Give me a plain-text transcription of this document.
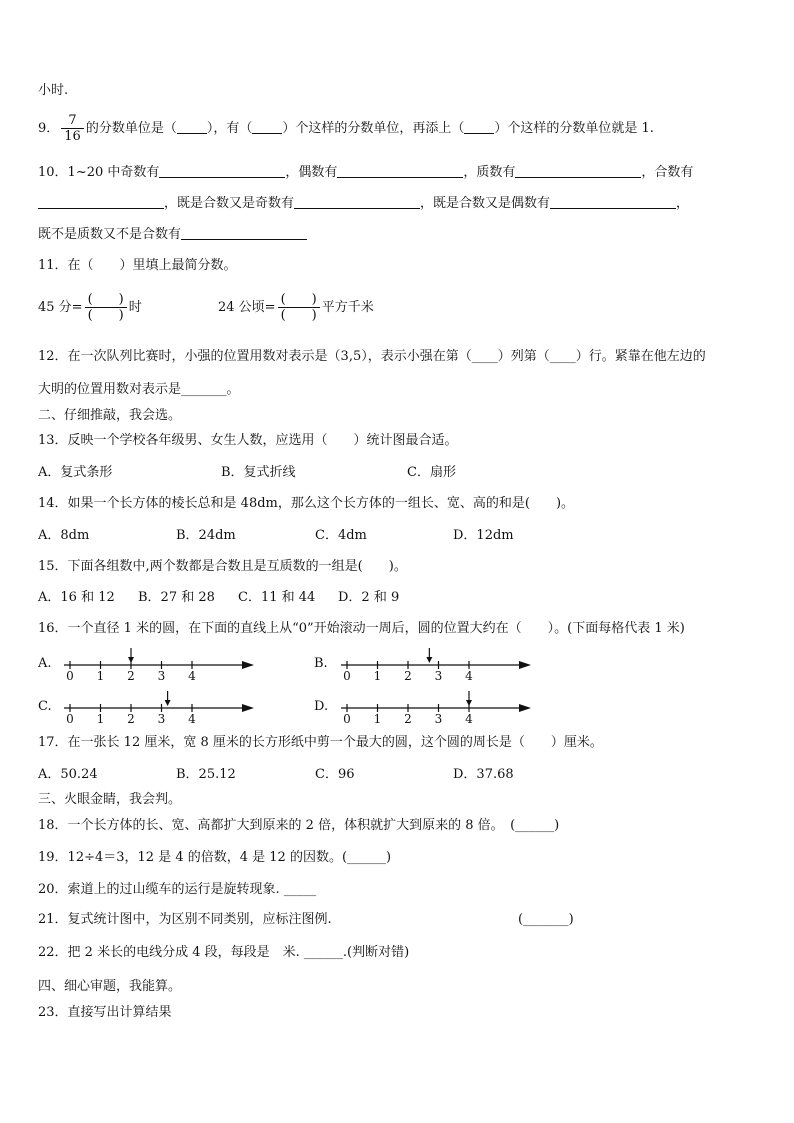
小时.
9． $\frac{7}{16}$ 的分数单位是（ ），有（ ）个这样的分数单位，再添上（ ）个这样的分数单位就是 1.
10．1~20 中奇数有	，偶数有	，质数有	，合数有
，既是合数又是奇数有	，既是合数又是偶数有	，
既不是质数又不是合数有
11．在（　　）里填上最简分数。
45 分= $\frac{( )}{( )}$ 时	24 公顷= $\frac{( )}{( )}$ 平方千米
12．在一次队列比赛时，小强的位置用数对表示是（3,5），表示小强在第（____）列第（____）行。紧靠在他左边的
大明的位置用数对表示是_______。
二、仔细推敲，我会选。
13．反映一个学校各年级男、女生人数，应选用（　　）统计图最合适。
A．复式条形	B．复式折线	C．扇形
14．如果一个长方体的棱长总和是 48dm，那么这个长方体的一组长、宽、高的和是(　　)。
A．8dm	B．24dm	C．4dm	D．12dm
15．下面各组数中,两个数都是合数且是互质数的一组是(　　)。
A．16 和 12 B．27 和 28 C．11 和 44 D．2 和 9
16．一个直径 1 米的圆，在下面的直线上从“0”开始滚动一周后，圆的位置大约在（　　）。(下面每格代表 1 米)
A.
0 1 2 3 4
B.
0 1 2 3 4
C.
0 1 2 3 4
D.
0 1 2 3 4
17．在一张长 12 厘米，宽 8 厘米的长方形纸中剪一个最大的圆，这个圆的周长是（　　）厘米。
A．50.24	B．25.12	C．96	D．37.68
三、火眼金睛，我会判。
18．一个长方体的长、宽、高都扩大到原来的 2 倍，体积就扩大到原来的 8 倍。　(______)
19．12÷4＝3，12 是 4 的倍数，4 是 12 的因数。(______)
20．索道上的过山缆车的运行是旋转现象. _____
21．复式统计图中，为区别不同类别，应标注图例.	(_______)
22．把 2 米长的电线分成 4 段，每段是　米. ______.(判断对错)
四、细心审题，我能算。
23．直接写出计算结果
